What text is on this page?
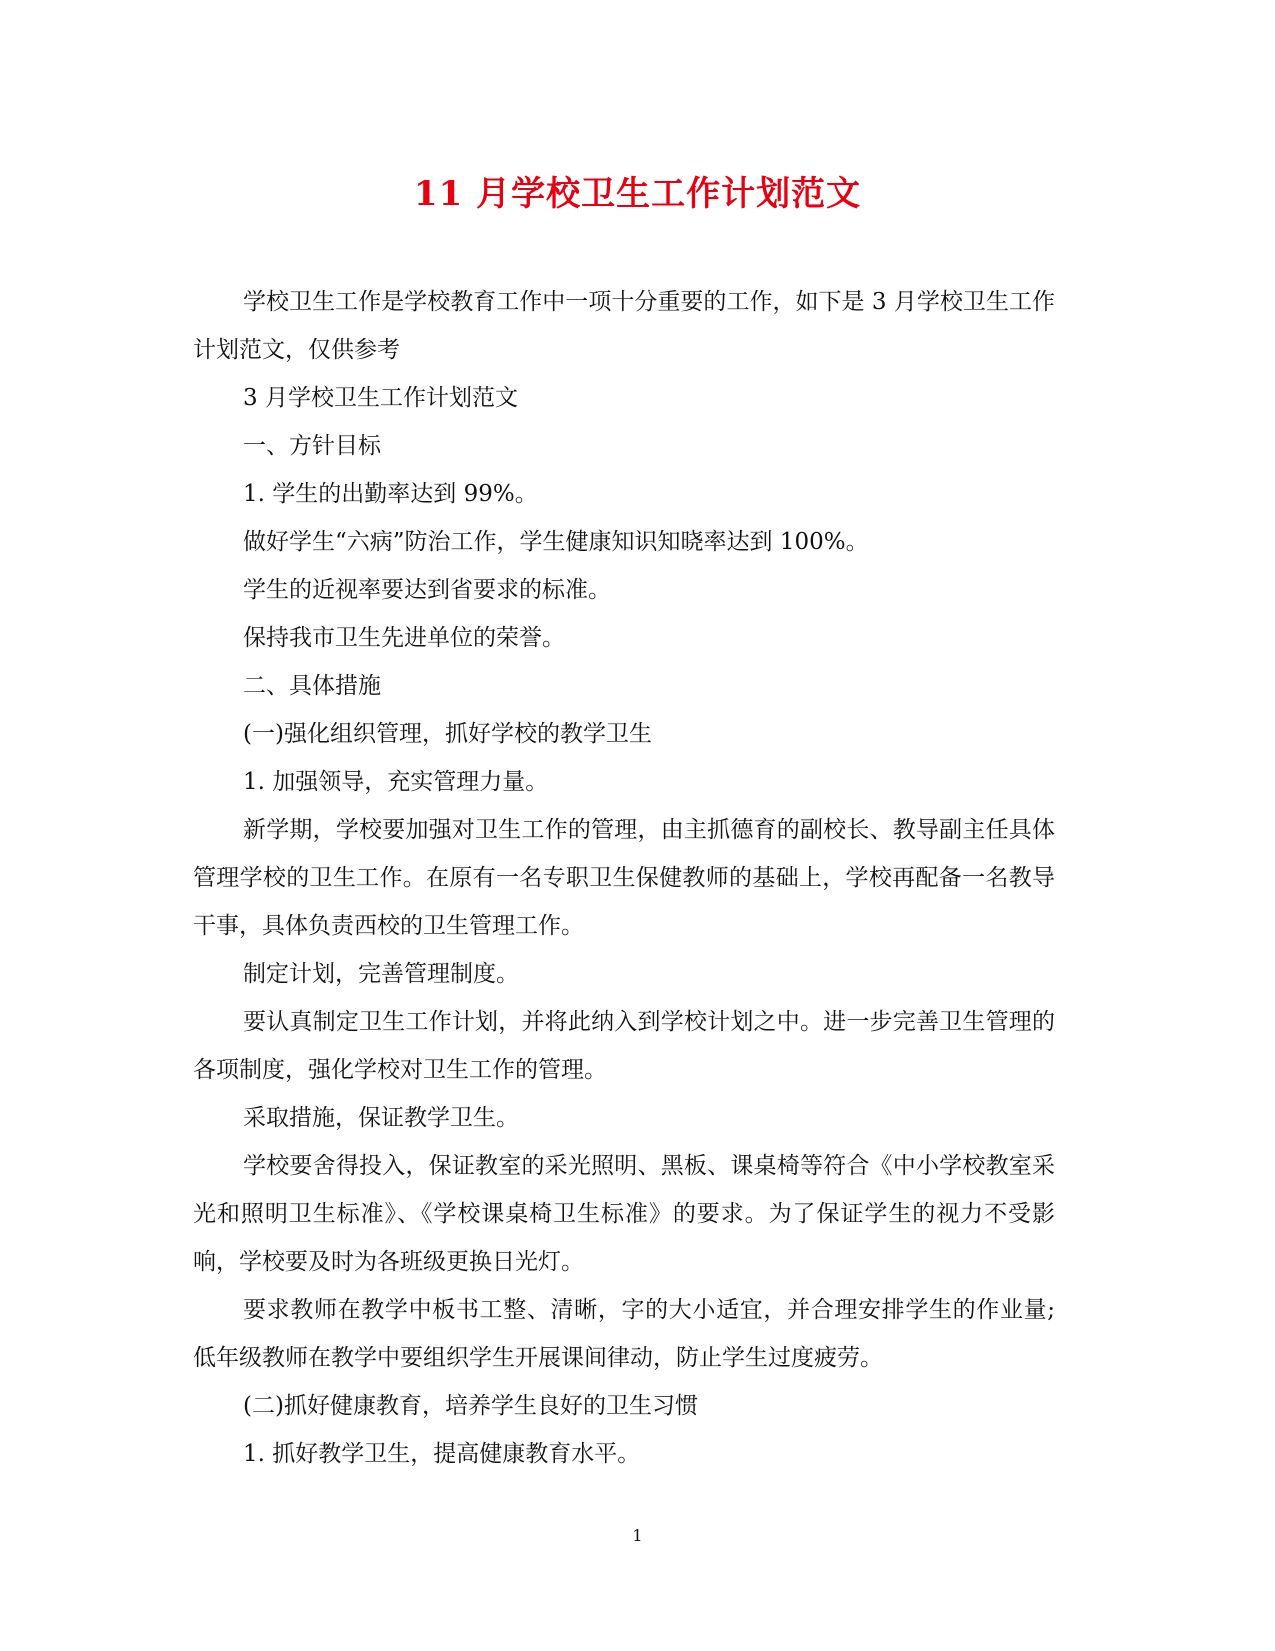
11 月学校卫生工作计划范文

学校卫生工作是学校教育工作中一项十分重要的工作，如下是 3 月学校卫生工作计划范文，仅供参考

3 月学校卫生工作计划范文

一、方针目标

1. 学生的出勤率达到 99%。

做好学生“六病”防治工作，学生健康知识知晓率达到 100%。

学生的近视率要达到省要求的标准。

保持我市卫生先进单位的荣誉。

二、具体措施

(一)强化组织管理，抓好学校的教学卫生

1. 加强领导，充实管理力量。

新学期，学校要加强对卫生工作的管理，由主抓德育的副校长、教导副主任具体管理学校的卫生工作。在原有一名专职卫生保健教师的基础上，学校再配备一名教导干事，具体负责西校的卫生管理工作。

制定计划，完善管理制度。

要认真制定卫生工作计划，并将此纳入到学校计划之中。进一步完善卫生管理的各项制度，强化学校对卫生工作的管理。

采取措施，保证教学卫生。

学校要舍得投入，保证教室的采光照明、黑板、课桌椅等符合《中小学校教室采光和照明卫生标准》、《学校课桌椅卫生标准》的要求。为了保证学生的视力不受影响，学校要及时为各班级更换日光灯。

要求教师在教学中板书工整、清晰，字的大小适宜，并合理安排学生的作业量;低年级教师在教学中要组织学生开展课间律动，防止学生过度疲劳。

(二)抓好健康教育，培养学生良好的卫生习惯

1. 抓好教学卫生，提高健康教育水平。

1
